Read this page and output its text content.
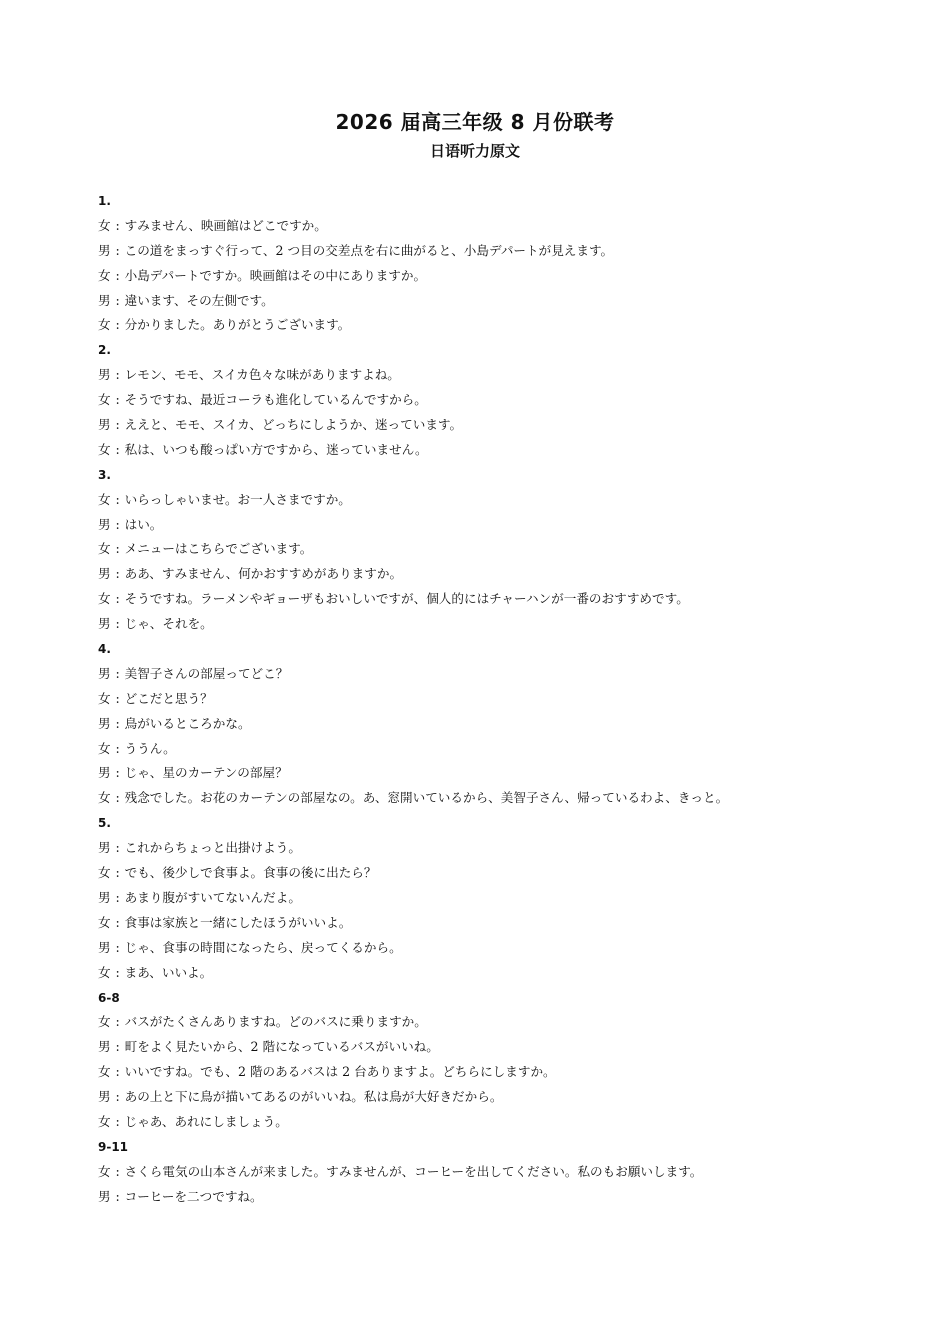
2026 届高三年级 8 月份联考
日语听力原文
1.
女 : すみません、映画館はどこですか。
男 : この道をまっすぐ行って、2 つ目の交差点を右に曲がると、小島デパートが見えます。
女 : 小島デパートですか。映画館はその中にありますか。
男 : 違います、その左側です。
女 : 分かりました。ありがとうございます。
2.
男 : レモン、モモ、スイカ色々な味がありますよね。
女 : そうですね、最近コーラも進化しているんですから。
男 : ええと、モモ、スイカ、どっちにしようか、迷っています。
女 : 私は、いつも酸っぱい方ですから、迷っていません。
3.
女 : いらっしゃいませ。お一人さまですか。
男 : はい。
女 : メニューはこちらでございます。
男 : ああ、すみません、何かおすすめがありますか。
女 : そうですね。ラーメンやギョーザもおいしいですが、個人的にはチャーハンが一番のおすすめです。
男 : じゃ、それを。
4.
男 : 美智子さんの部屋ってどこ？
女 : どこだと思う？
男 : 鳥がいるところかな。
女 : ううん。
男 : じゃ、星のカーテンの部屋？
女 : 残念でした。お花のカーテンの部屋なの。あ、窓開いているから、美智子さん、帰っているわよ、きっと。
5.
男 : これからちょっと出掛けよう。
女 : でも、後少しで食事よ。食事の後に出たら？
男 : あまり腹がすいてないんだよ。
女 : 食事は家族と一緒にしたほうがいいよ。
男 : じゃ、食事の時間になったら、戻ってくるから。
女 : まあ、いいよ。
6-8
女 : バスがたくさんありますね。どのバスに乗りますか。
男 : 町をよく見たいから、2 階になっているバスがいいね。
女 : いいですね。でも、2 階のあるバスは 2 台ありますよ。どちらにしますか。
男 : あの上と下に鳥が描いてあるのがいいね。私は鳥が大好きだから。
女 : じゃあ、あれにしましょう。
9-11
女 : さくら電気の山本さんが来ました。すみませんが、コーヒーを出してください。私のもお願いします。
男 : コーヒーを二つですね。
